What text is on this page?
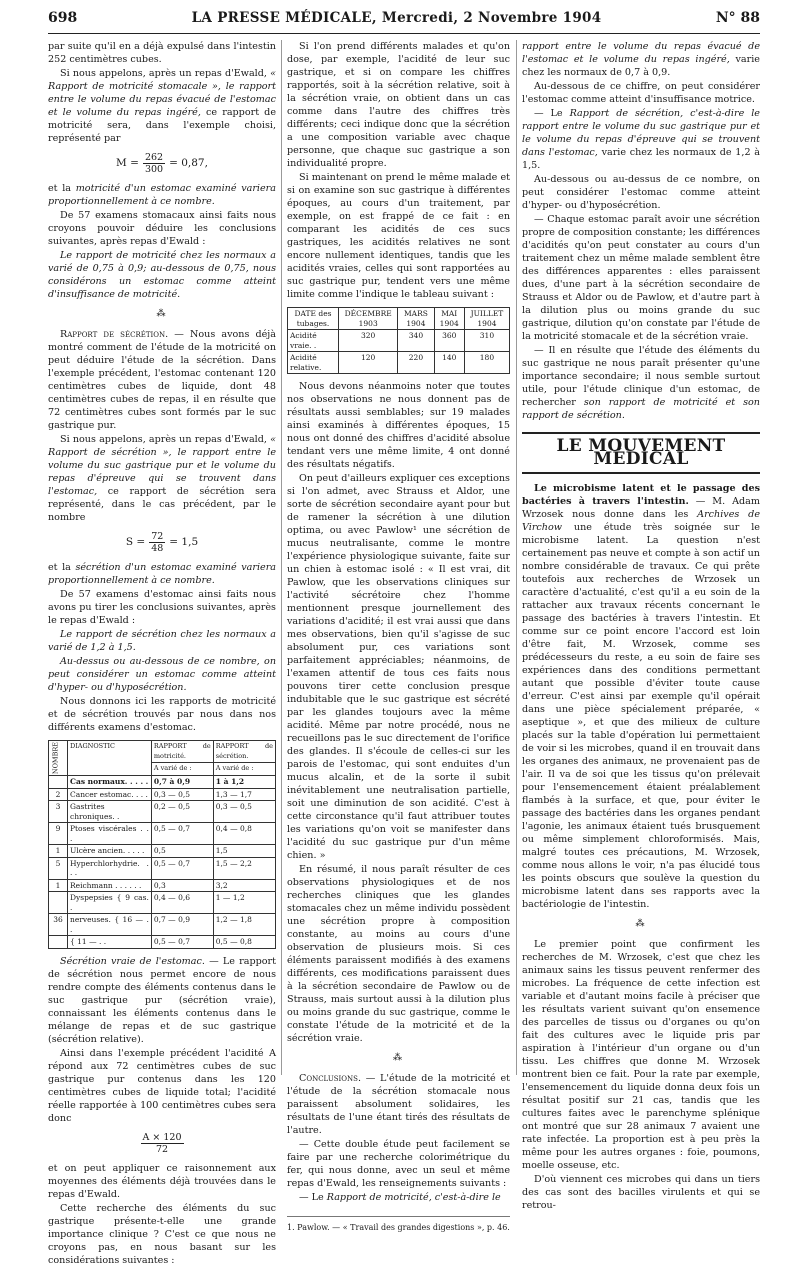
698	LA PRESSE MÉDICALE, Mercredi, 2 Novembre 1904	N° 88

par suite qu'il en a déjà expulsé dans l'intestin 252 centimètres cubes.

Si nous appelons, après un repas d'Ewald, « Rapport de motricité stomacale », le rapport entre le volume du repas évacué de l'estomac et le volume du repas ingéré, ce rapport de motricité sera, dans l'exemple choisi, représenté par

$M = \frac{262}{300} = 0,87$,

et la motricité d'un estomac examiné variera proportionnellement à ce nombre.

De 57 examens stomacaux ainsi faits nous croyons pouvoir déduire les conclusions suivantes, après repas d'Ewald :

Le rapport de motricité chez les normaux a varié de 0,75 à 0,9; au-dessous de 0,75, nous considérons un estomac comme atteint d'insuffisance de motricité.

⁂

Rapport de sécrétion. — Nous avons déjà montré comment de l'étude de la motricité on peut déduire l'étude de la sécrétion. Dans l'exemple précédent, l'estomac contenant 120 centimètres cubes de liquide, dont 48 centimètres cubes de repas, il en résulte que 72 centimètres cubes sont formés par le suc gastrique pur.

Si nous appelons, après un repas d'Ewald, « Rapport de sécrétion », le rapport entre le volume du suc gastrique pur et le volume du repas d'épreuve qui se trouvent dans l'estomac, ce rapport de sécrétion sera représenté, dans le cas précédent, par le nombre

$S = \frac{72}{48} = 1,5$

et la sécrétion d'un estomac examiné variera proportionnellement à ce nombre.

De 57 examens d'estomac ainsi faits nous avons pu tirer les conclusions suivantes, après le repas d'Ewald :

Le rapport de sécrétion chez les normaux a varié de 1,2 à 1,5.

Au-dessus ou au-dessous de ce nombre, on peut considérer un estomac comme atteint d'hyper- ou d'hyposécrétion.

Nous donnons ici les rapports de motricité et de sécrétion trouvés par nous dans nos différents examens d'estomac.

NOMBRE	DIAGNOSTIC	RAPPORT de motricité.	RAPPORT de sécrétion.
		A varié de :	A varié de :
	Cas normaux. . . . .	0,7 à 0,9	1 à 1,2
2	Cancer estomac. . . .	0,3 — 0,5	1,3 — 1,7
3	Gastrites chroniques. .	0,2 — 0,5	0,3 — 0,5
9	Ptoses viscérales . . .	0,5 — 0,7	0,4 — 0,8
1	Ulcère ancien. . . . .	0,5	1,5
5	Hyperchlorhydrie. . . .	0,5 — 0,7	1,5 — 2,2
1	Reichmann . . . . . .	0,3	3,2
	Dyspepsies { 9 cas. .	0,4 — 0,6	1 — 1,2
36	nerveuses. { 16 — . .	0,7 — 0,9	1,2 — 1,8
	{ 11 — . .	0,5 — 0,7	0,5 — 0,8

Sécrétion vraie de l'estomac. — Le rapport de sécrétion nous permet encore de nous rendre compte des éléments contenus dans le suc gastrique pur (sécrétion vraie), connaissant les éléments contenus dans le mélange de repas et de suc gastrique (sécrétion relative).

Ainsi dans l'exemple précédent l'acidité A répond aux 72 centimètres cubes de suc gastrique pur contenus dans les 120 centimètres cubes de liquide total; l'acidité réelle rapportée à 100 centimètres cubes sera donc

$\frac{A \times 120}{72}$

et on peut appliquer ce raisonnement aux moyennes des éléments déjà trouvées dans le repas d'Ewald.

Cette recherche des éléments du suc gastrique présente-t-elle une grande importance clinique ? C'est ce que nous ne croyons pas, en nous basant sur les considérations suivantes :

Si l'on prend différents malades et qu'on dose, par exemple, l'acidité de leur suc gastrique, et si on compare les chiffres rapportés, soit à la sécrétion relative, soit à la sécrétion vraie, on obtient dans un cas comme dans l'autre des chiffres très différents; ceci indique donc que la sécrétion a une composition variable avec chaque personne, que chaque suc gastrique a son individualité propre.

Si maintenant on prend le même malade et si on examine son suc gastrique à différentes époques, au cours d'un traitement, par exemple, on est frappé de ce fait : en comparant les acidités de ces sucs gastriques, les acidités relatives ne sont encore nullement identiques, tandis que les acidités vraies, celles qui sont rapportées au suc gastrique pur, tendent vers une même limite comme l'indique le tableau suivant :

DATE des tubages.	DÉCEMBRE 1903	MARS 1904	MAI 1904	JUILLET 1904
Acidité vraie. .	320	340	360	310
Acidité relative.	120	220	140	180

Nous devons néanmoins noter que toutes nos observations ne nous donnent pas de résultats aussi semblables; sur 19 malades ainsi examinés à différentes époques, 15 nous ont donné des chiffres d'acidité absolue tendant vers une même limite, 4 ont donné des résultats négatifs.

On peut d'ailleurs expliquer ces exceptions si l'on admet, avec Strauss et Aldor, une sorte de sécrétion secondaire ayant pour but de ramener la sécrétion à une dilution optima, ou avec Pawlow¹ une sécrétion de mucus neutralisante, comme le montre l'expérience physiologique suivante, faite sur un chien à estomac isolé : « Il est vrai, dit Pawlow, que les observations cliniques sur l'activité sécrétoire chez l'homme mentionnent presque journellement des variations d'acidité; il est vrai aussi que dans mes observations, bien qu'il s'agisse de suc absolument pur, ces variations sont parfaitement appréciables; néanmoins, de l'examen attentif de tous ces faits nous pouvons tirer cette conclusion presque indubitable que le suc gastrique est sécrété par les glandes toujours avec la même acidité. Même par notre procédé, nous ne recueillons pas le suc directement de l'orifice des glandes. Il s'écoule de celles-ci sur les parois de l'estomac, qui sont enduites d'un mucus alcalin, et de la sorte il subit inévitablement une neutralisation partielle, soit une diminution de son acidité. C'est à cette circonstance qu'il faut attribuer toutes les variations qu'on voit se manifester dans l'acidité du suc gastrique pur d'un même chien. »

En résumé, il nous paraît résulter de ces observations physiologiques et de nos recherches cliniques que les glandes stomacales chez un même individu possèdent une sécrétion propre à composition constante, au moins au cours d'une observation de plusieurs mois. Si ces éléments paraissent modifiés à des examens différents, ces modifications paraissent dues à la sécrétion secondaire de Pawlow ou de Strauss, mais surtout aussi à la dilution plus ou moins grande du suc gastrique, comme le constate l'étude de la motricité et de la sécrétion vraie.

⁂

Conclusions. — L'étude de la motricité et l'étude de la sécrétion stomacale nous paraissent absolument solidaires, les résultats de l'une étant tirés des résultats de l'autre.

— Cette double étude peut facilement se faire par une recherche colorimétrique du fer, qui nous donne, avec un seul et même repas d'Ewald, les renseignements suivants :

— Le Rapport de motricité, c'est-à-dire le

1. Pawlow. — « Travail des grandes digestions », p. 46.

rapport entre le volume du repas évacué de l'estomac et le volume du repas ingéré, varie chez les normaux de 0,7 à 0,9.

Au-dessous de ce chiffre, on peut considérer l'estomac comme atteint d'insuffisance motrice.

— Le Rapport de sécrétion, c'est-à-dire le rapport entre le volume du suc gastrique pur et le volume du repas d'épreuve qui se trouvent dans l'estomac, varie chez les normaux de 1,2 à 1,5.

Au-dessous ou au-dessus de ce nombre, on peut considérer l'estomac comme atteint d'hyper- ou d'hyposécrétion.

— Chaque estomac paraît avoir une sécrétion propre de composition constante; les différences d'acidités qu'on peut constater au cours d'un traitement chez un même malade semblent être des différences apparentes : elles paraissent dues, d'une part à la sécrétion secondaire de Strauss et Aldor ou de Pawlow, et d'autre part à la dilution plus ou moins grande du suc gastrique, dilution qu'on constate par l'étude de la motricité stomacale et de la sécrétion vraie.

— Il en résulte que l'étude des éléments du suc gastrique ne nous paraît présenter qu'une importance secondaire; il nous semble surtout utile, pour l'étude clinique d'un estomac, de rechercher son rapport de motricité et son rapport de sécrétion.

LE MOUVEMENT MÉDICAL

Le microbisme latent et le passage des bactéries à travers l'intestin. — M. Adam Wrzosek nous donne dans les Archives de Virchow une étude très soignée sur le microbisme latent. La question n'est certainement pas neuve et compte à son actif un nombre considérable de travaux. Ce qui prête toutefois aux recherches de Wrzosek un caractère d'actualité, c'est qu'il a eu soin de la rattacher aux travaux récents concernant le passage des bactéries à travers l'intestin. Et comme sur ce point encore l'accord est loin d'être fait, M. Wrzosek, comme ses prédécesseurs du reste, a eu soin de faire ses expériences dans des conditions permettant autant que possible d'éviter toute cause d'erreur. C'est ainsi par exemple qu'il opérait dans une pièce spécialement préparée, « aseptique », et que des milieux de culture placés sur la table d'opération lui permettaient de voir si les microbes, quand il en trouvait dans les organes des animaux, ne provenaient pas de l'air. Il va de soi que les tissus qu'on prélevait pour l'ensemencement étaient préalablement flambés à la surface, et que, pour éviter le passage des bactéries dans les organes pendant l'agonie, les animaux étaient tués brusquement ou même simplement chloroformisés. Mais, malgré toutes ces précautions, M. Wrzosek, comme nous allons le voir, n'a pas élucidé tous les points obscurs que soulève la question du microbisme latent dans ses rapports avec la bactériologie de l'intestin.

⁂

Le premier point que confirment les recherches de M. Wrzosek, c'est que chez les animaux sains les tissus peuvent renfermer des microbes. La fréquence de cette infection est variable et d'autant moins facile à préciser que les résultats varient suivant qu'on ensemence des parcelles de tissus ou d'organes ou qu'on fait des cultures avec le liquide pris par aspiration à l'intérieur d'un organe ou d'un tissu. Les chiffres que donne M. Wrzosek montrent bien ce fait. Pour la rate par exemple, l'ensemencement du liquide donna deux fois un résultat positif sur 21 cas, tandis que les cultures faites avec le parenchyme splénique ont montré que sur 28 animaux 7 avaient une rate infectée. La proportion est à peu près la même pour les autres organes : foie, poumons, moelle osseuse, etc.

D'où viennent ces microbes qui dans un tiers des cas sont des bacilles virulents et qui se retrou-
